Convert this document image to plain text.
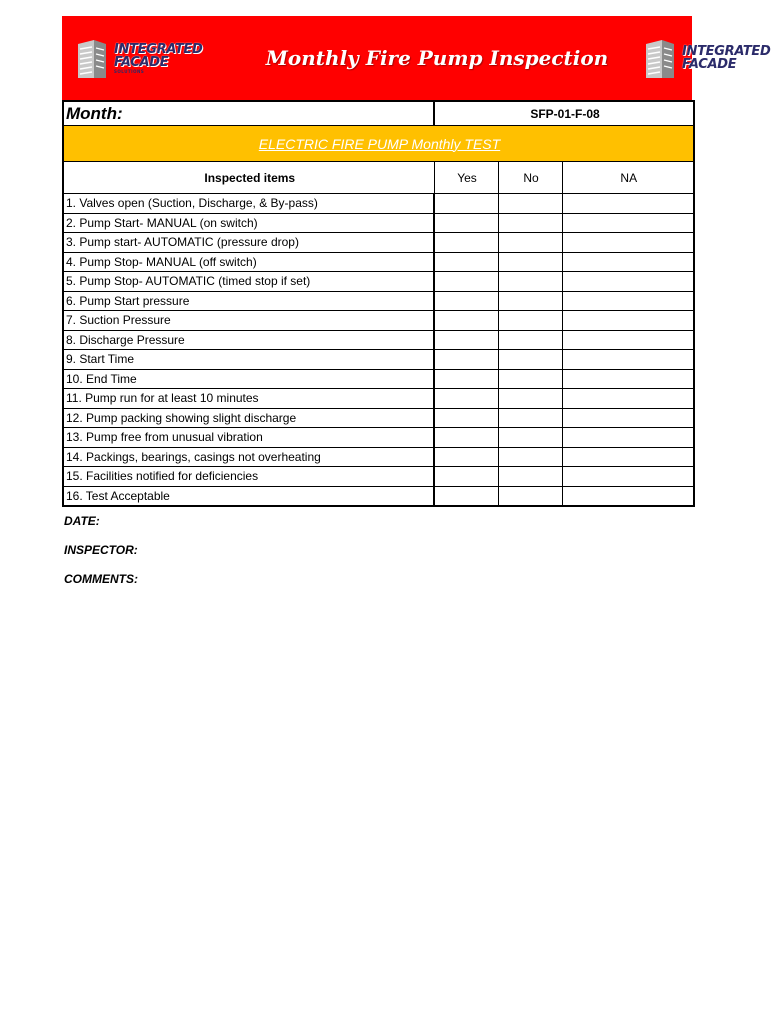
INTEGRATED
FACADE
SOLUTIONS
Monthly Fire Pump Inspection	INTEGRATED
FACADE
Month:	SFP-01-F-08		
ELECTRIC FIRE PUMP Monthly TEST			
Inspected items	Yes	No	NA
1. Valves open (Suction, Discharge, & By-pass)			
2. Pump Start- MANUAL (on switch)			
3. Pump start- AUTOMATIC (pressure drop)			
4. Pump Stop- MANUAL (off switch)			
5. Pump Stop- AUTOMATIC (timed stop if set)			
6. Pump Start pressure			
7. Suction Pressure			
8. Discharge Pressure			
9. Start Time			
10. End Time			
11. Pump run for at least 10 minutes			
12. Pump packing showing slight discharge			
13. Pump free from unusual vibration			
14. Packings, bearings, casings not overheating			
15. Facilities notified for deficiencies			
16. Test Acceptable			
DATE:
INSPECTOR:
COMMENTS:
